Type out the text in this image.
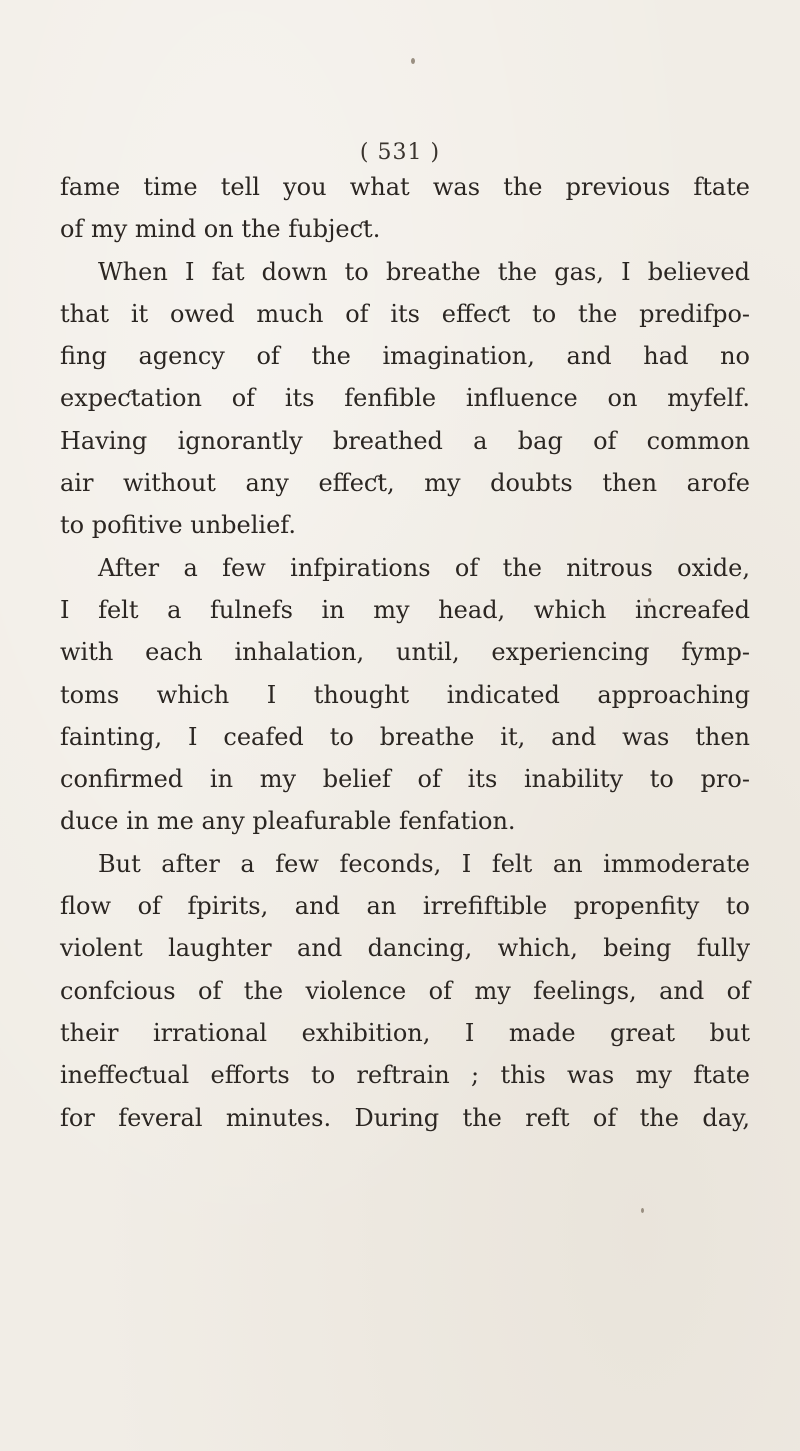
( 531 )
fame time tell you what was the previous ftate
of my mind on the fubjeƈt.
When I fat down to breathe the gas, I believed
that it owed much of its effeƈt to the predifpo-
fing agency of the imagination, and had no
expeƈtation of its fenfible influence on myfelf.
Having ignorantly breathed a bag of common
air without any effeƈt, my doubts then arofe
to pofitive unbelief.
After a few infpirations of the nitrous oxide,
I felt a fulnefs in my head, which increafed
with each inhalation, until, experiencing fymp-
toms which I thought indicated approaching
fainting, I ceafed to breathe it, and was then
confirmed in my belief of its inability to pro-
duce in me any pleafurable fenfation.
But after a few feconds, I felt an immoderate
flow of fpirits, and an irrefiftible propenfity to
violent laughter and dancing, which, being fully
confcious of the violence of my feelings, and of
their irrational exhibition, I made great but
ineffeƈtual efforts to reftrain ; this was my ftate
for feveral minutes. During the reft of the day,
